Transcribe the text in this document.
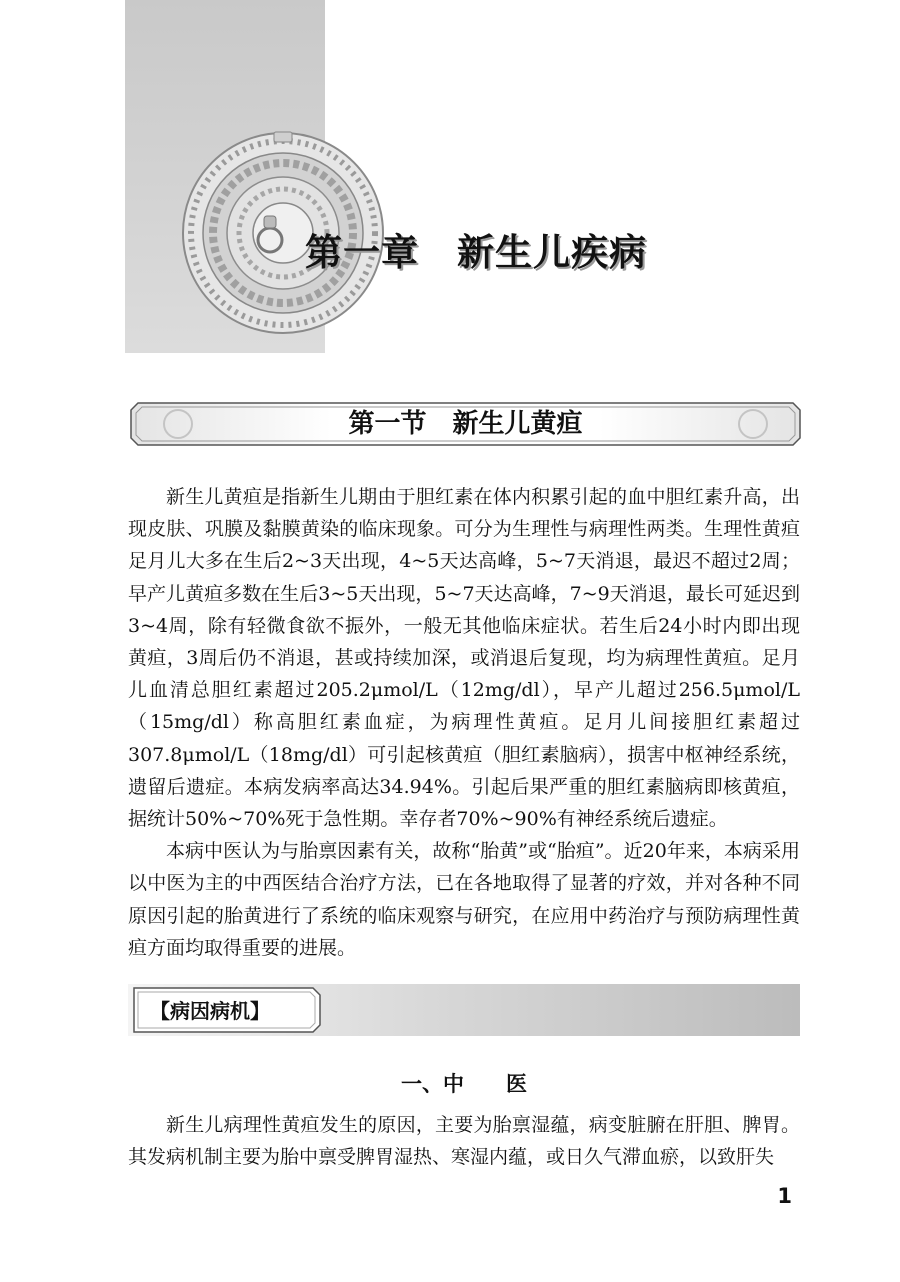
第一章　新生儿疾病
第一节　新生儿黄疸

新生儿黄疸是指新生儿期由于胆红素在体内积累引起的血中胆红素升高，出现皮肤、巩膜及黏膜黄染的临床现象。可分为生理性与病理性两类。生理性黄疸足月儿大多在生后2~3天出现，4~5天达高峰，5~7天消退，最迟不超过2周；早产儿黄疸多数在生后3~5天出现，5~7天达高峰，7~9天消退，最长可延迟到3~4周，除有轻微食欲不振外，一般无其他临床症状。若生后24小时内即出现黄疸，3周后仍不消退，甚或持续加深，或消退后复现，均为病理性黄疸。足月儿血清总胆红素超过205.2μmol/L（12mg/dl），早产儿超过256.5μmol/L（15mg/dl）称高胆红素血症，为病理性黄疸。足月儿间接胆红素超过307.8μmol/L（18mg/dl）可引起核黄疸（胆红素脑病），损害中枢神经系统，遗留后遗症。本病发病率高达34.94%。引起后果严重的胆红素脑病即核黄疸，据统计50%~70%死于急性期。幸存者70%~90%有神经系统后遗症。

本病中医认为与胎禀因素有关，故称“胎黄”或“胎疸”。近20年来，本病采用以中医为主的中西医结合治疗方法，已在各地取得了显著的疗效，并对各种不同原因引起的胎黄进行了系统的临床观察与研究，在应用中药治疗与预防病理性黄疸方面均取得重要的进展。

【病因病机】
一、中　　医

新生儿病理性黄疸发生的原因，主要为胎禀湿蕴，病变脏腑在肝胆、脾胃。其发病机制主要为胎中禀受脾胃湿热、寒湿内蕴，或日久气滞血瘀，以致肝失

1
